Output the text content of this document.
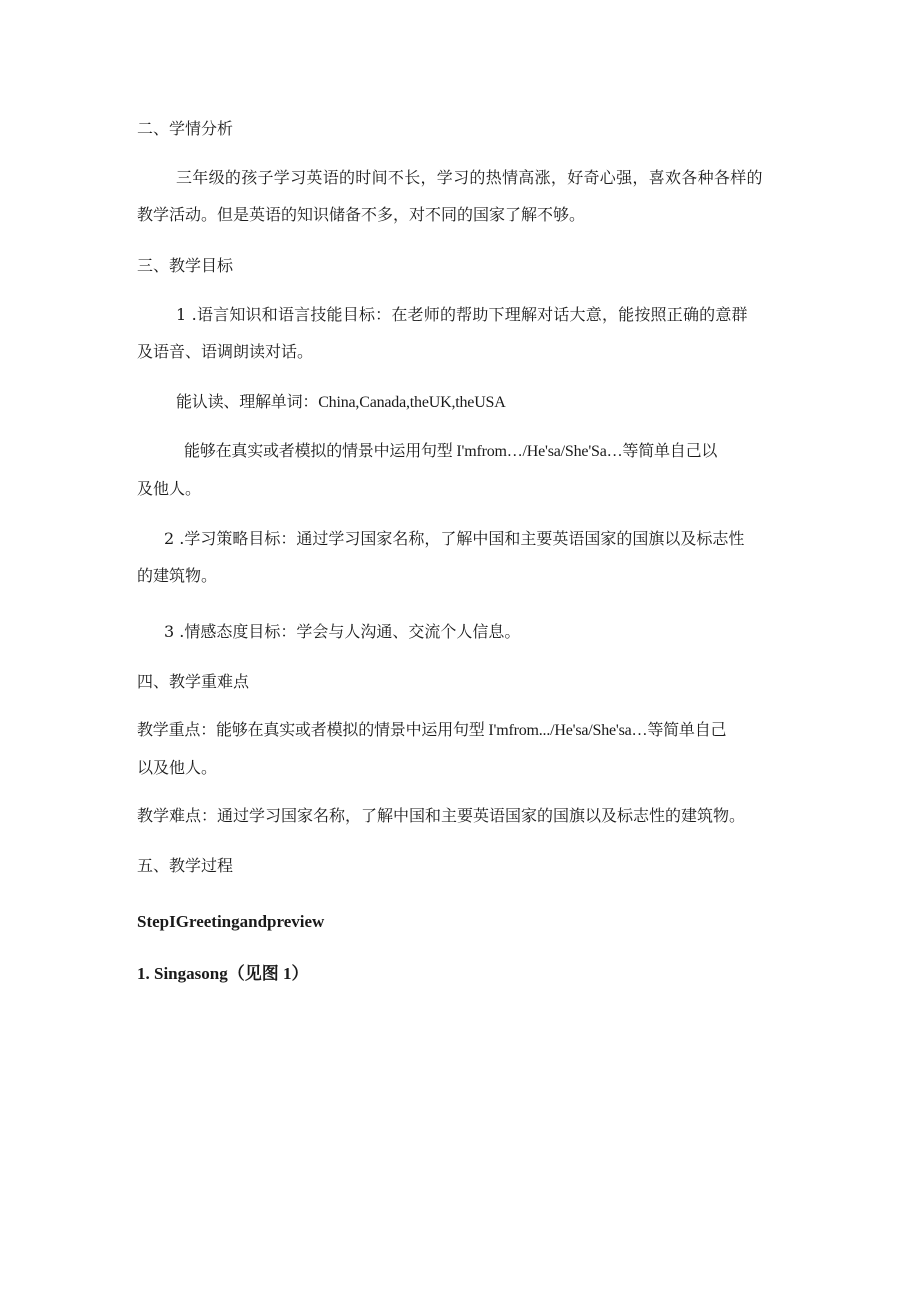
二、学情分析
三年级的孩子学习英语的时间不长，学习的热情高涨，好奇心强，喜欢各种各样的
教学活动。但是英语的知识储备不多，对不同的国家了解不够。
三、教学目标
1 .语言知识和语言技能目标：在老师的帮助下理解对话大意，能按照正确的意群
及语音、语调朗读对话。
能认读、理解单词：China,Canada,theUK,theUSA
能够在真实或者模拟的情景中运用句型 I'mfrom…/He'sa/She'Sa…等简单自己以
及他人。
2 .学习策略目标：通过学习国家名称，了解中国和主要英语国家的国旗以及标志性
的建筑物。
3 .情感态度目标：学会与人沟通、交流个人信息。
四、教学重难点
教学重点：能够在真实或者模拟的情景中运用句型 I'mfrom.../He'sa/She'sa…等简单自己
以及他人。
教学难点：通过学习国家名称，了解中国和主要英语国家的国旗以及标志性的建筑物。
五、教学过程
StepIGreetingandpreview
1. Singasong（见图 1）
